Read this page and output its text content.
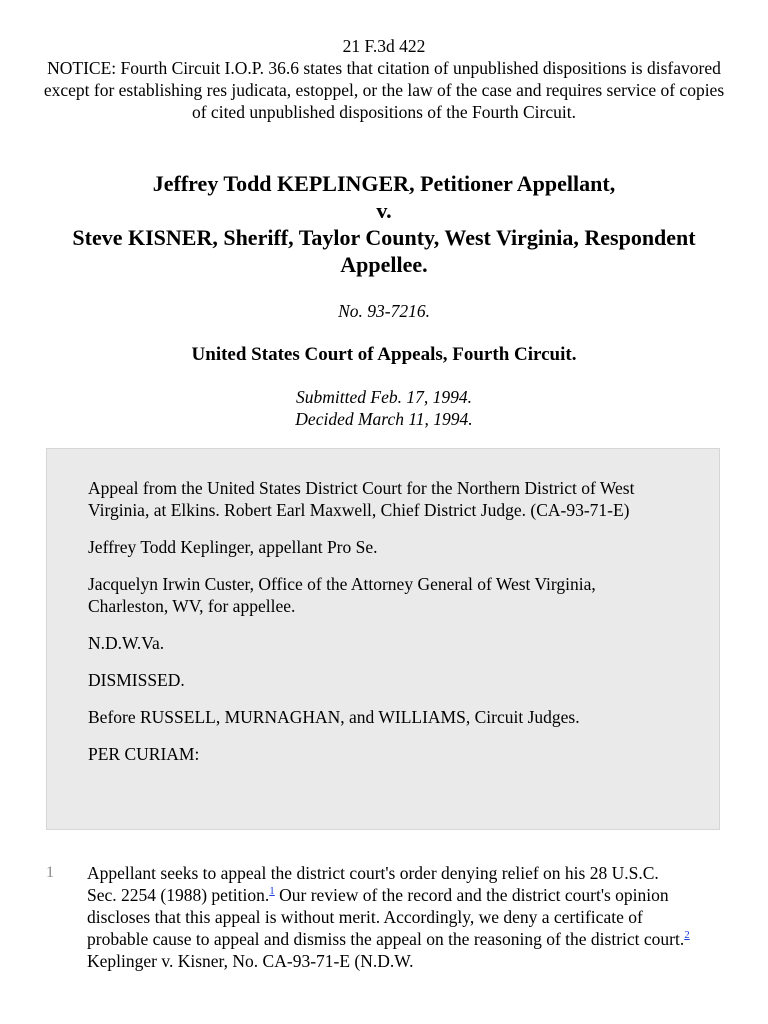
21 F.3d 422
NOTICE: Fourth Circuit I.O.P. 36.6 states that citation of unpublished dispositions is disfavored except for establishing res judicata, estoppel, or the law of the case and requires service of copies of cited unpublished dispositions of the Fourth Circuit.
Jeffrey Todd KEPLINGER, Petitioner Appellant,
v.
Steve KISNER, Sheriff, Taylor County, West Virginia, Respondent Appellee.
No. 93-7216.
United States Court of Appeals, Fourth Circuit.
Submitted Feb. 17, 1994.
Decided March 11, 1994.

Appeal from the United States District Court for the Northern District of West Virginia, at Elkins. Robert Earl Maxwell, Chief District Judge. (CA-93-71-E)

Jeffrey Todd Keplinger, appellant Pro Se.

Jacquelyn Irwin Custer, Office of the Attorney General of West Virginia, Charleston, WV, for appellee.

N.D.W.Va.

DISMISSED.

Before RUSSELL, MURNAGHAN, and WILLIAMS, Circuit Judges.

PER CURIAM:

1 Appellant seeks to appeal the district court's order denying relief on his 28 U.S.C. Sec. 2254 (1988) petition.$^1$ Our review of the record and the district court's opinion discloses that this appeal is without merit. Accordingly, we deny a certificate of probable cause to appeal and dismiss the appeal on the reasoning of the district court.$^2$ Keplinger v. Kisner, No. CA-93-71-E (N.D.W.
